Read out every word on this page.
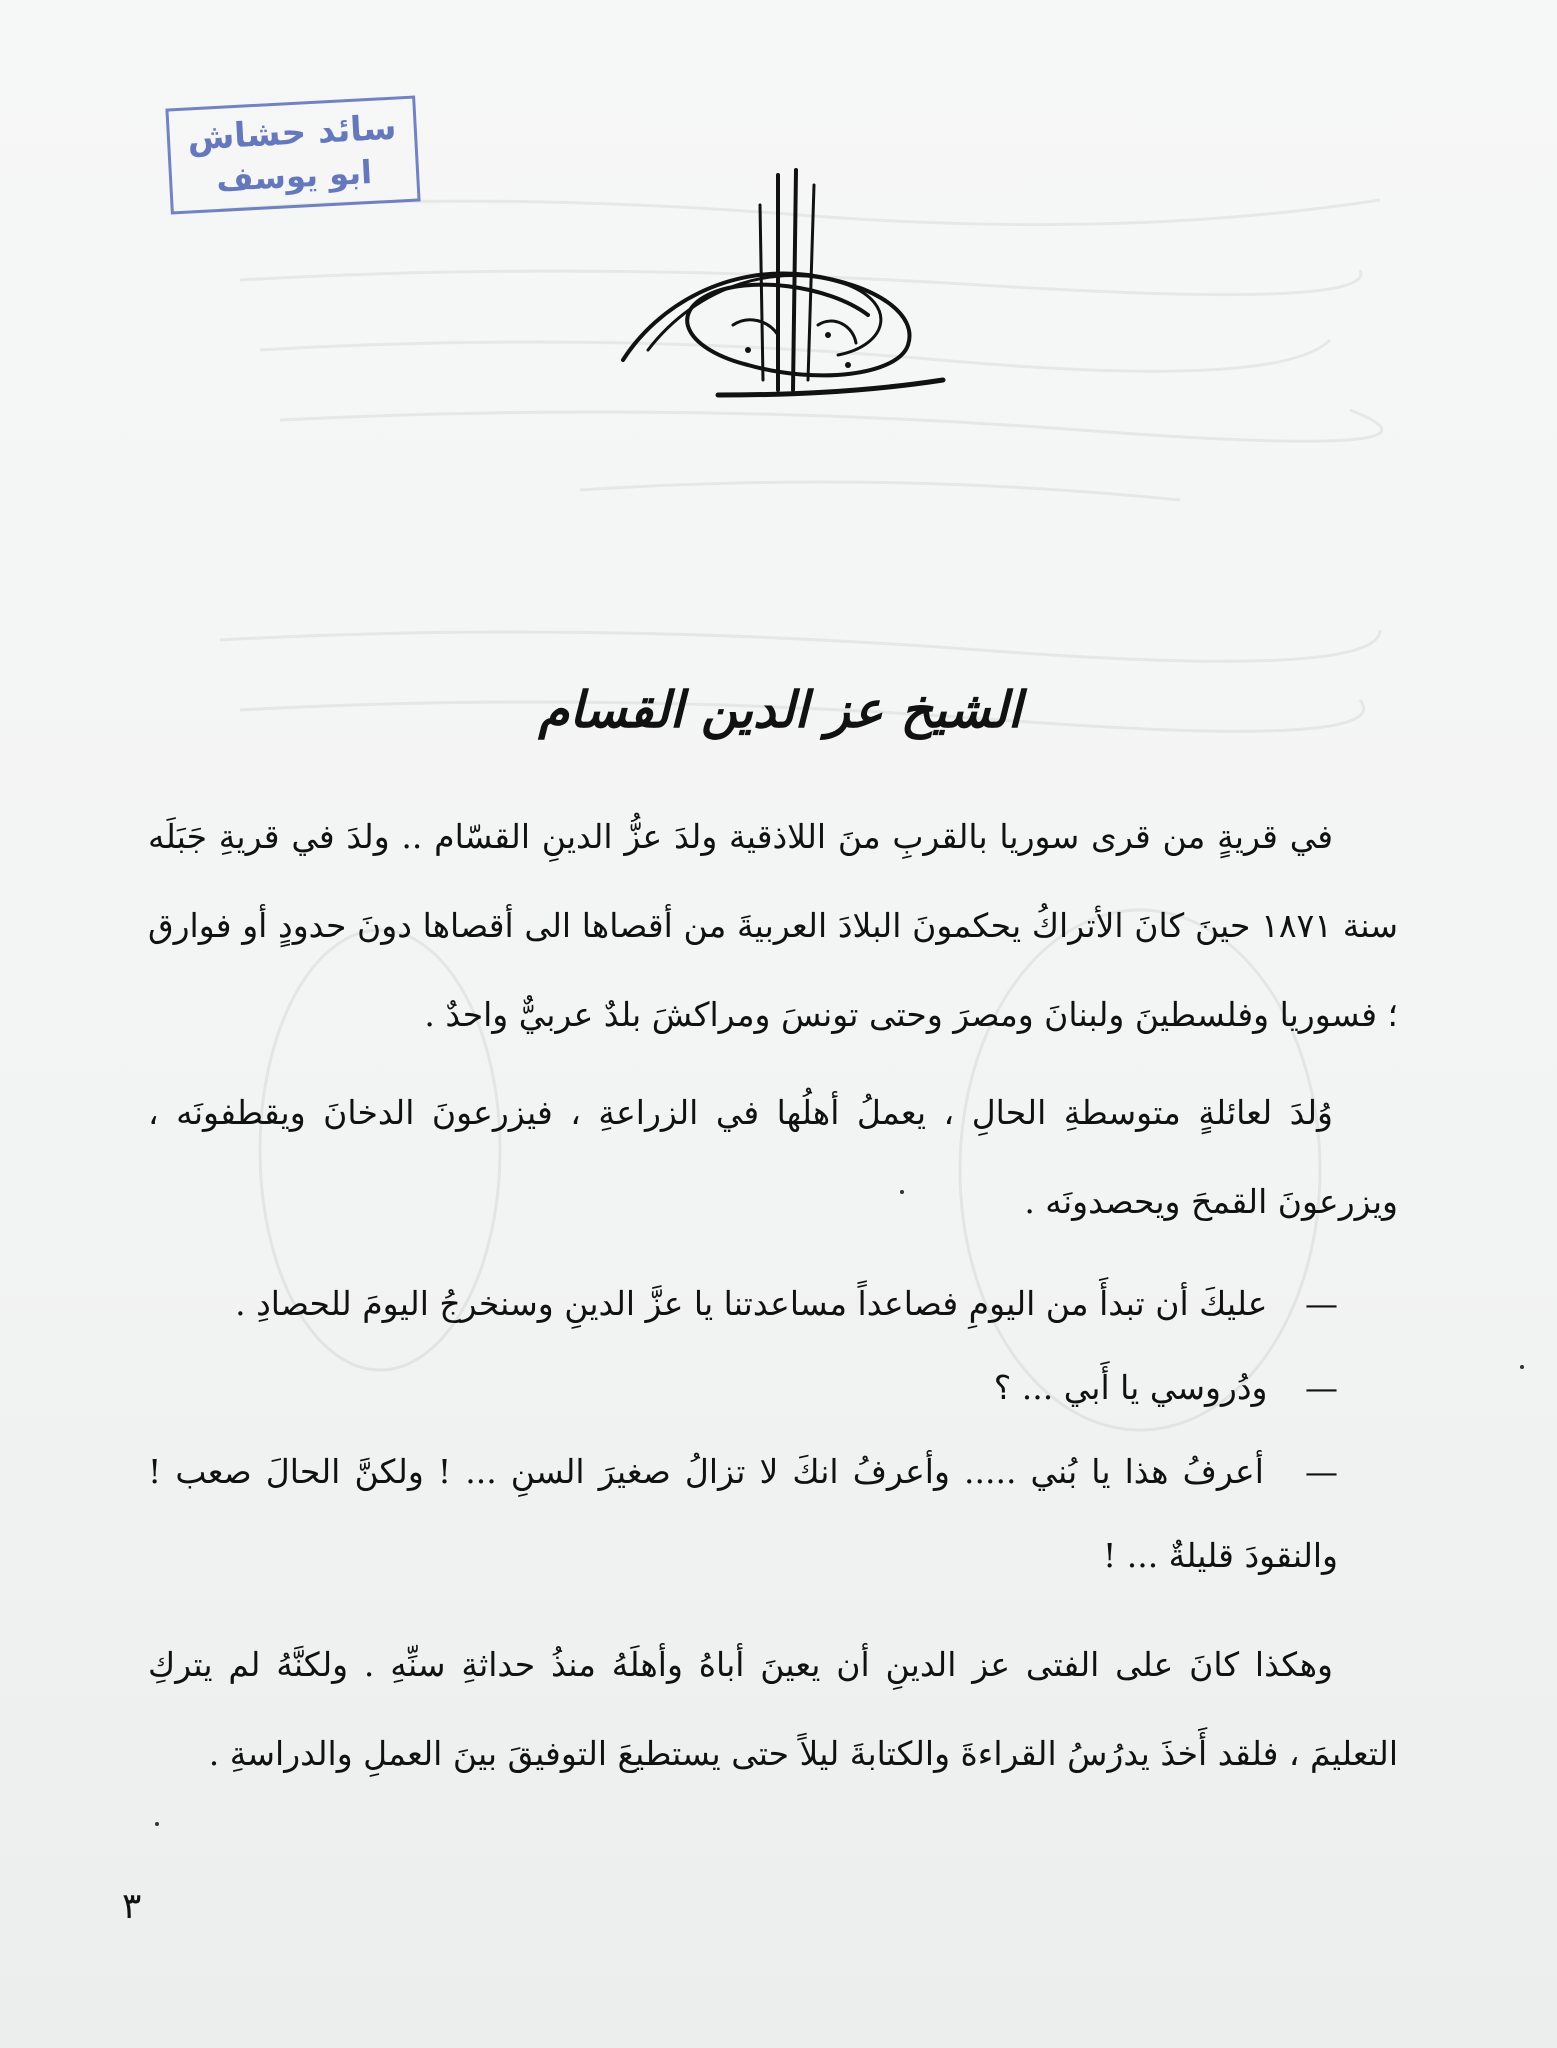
سائد حشاش
ابو يوسف
الشيخ عز الدين القسام
في قريةٍ من قرى سوريا بالقربِ منَ اللاذقية ولدَ عزُّ الدينِ القسّام .. ولدَ في قريةِ جَبَلَه سنة ١٨٧١ حينَ كانَ الأتراكُ يحكمونَ البلادَ العربيةَ من أقصاها الى أقصاها دونَ حدودٍ أو فوارق ؛ فسوريا وفلسطينَ ولبنانَ ومصرَ وحتى تونسَ ومراكشَ بلدٌ عربيٌّ واحدٌ .
وُلدَ لعائلةٍ متوسطةِ الحالِ ، يعملُ أهلُها في الزراعةِ ، فيزرعونَ الدخانَ ويقطفونَه ، ويزرعونَ القمحَ ويحصدونَه .
— عليكَ أن تبدأَ من اليومِ فصاعداً مساعدتنا يا عزَّ الدينِ وسنخرجُ اليومَ للحصادِ .
— ودُروسي يا أَبي ... ؟
— أعرفُ هذا يا بُني ..... وأعرفُ انكَ لا تزالُ صغيرَ السنِ ... ! ولكنَّ الحالَ صعب ! والنقودَ قليلةٌ ... !
وهكذا كانَ على الفتى عز الدينِ أن يعينَ أباهُ وأهلَهُ منذُ حداثةِ سنِّهِ . ولكنَّهُ لم يتركِ التعليمَ ، فلقد أَخذَ يدرُسُ القراءةَ والكتابةَ ليلاً حتى يستطيعَ التوفيقَ بينَ العملِ والدراسةِ .
٣
